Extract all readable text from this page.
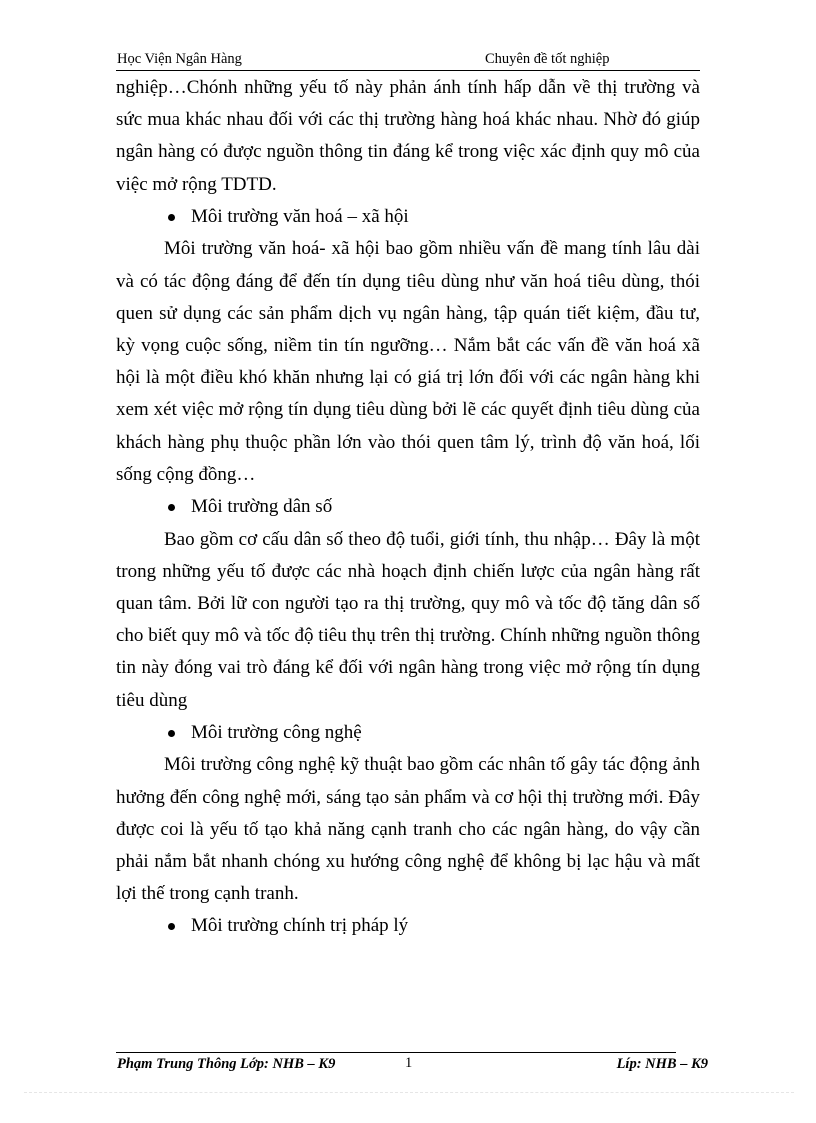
Học Viện Ngân Hàng	Chuyên đề tốt nghiệp

nghiệp…Chónh những yếu tố này phản ánh tính hấp dẫn về thị trường và sức mua khác nhau đối với các thị trường hàng hoá khác nhau. Nhờ đó giúp ngân hàng có được nguồn thông tin đáng kể trong việc xác định quy mô của việc mở rộng TDTD.

Môi trường văn hoá – xã hội

Môi trường văn hoá- xã hội bao gồm nhiều vấn đề mang tính lâu dài và có tác động đáng để đến tín dụng tiêu dùng như văn hoá tiêu dùng, thói quen sử dụng các sản phẩm dịch vụ ngân hàng, tập quán tiết kiệm, đầu tư, kỳ vọng cuộc sống, niềm tin tín ngưỡng… Nắm bắt các vấn đề văn hoá xã hội là một điều khó khăn nhưng lại có giá trị lớn đối với các ngân hàng khi xem xét việc mở rộng tín dụng tiêu dùng bởi lẽ các quyết định tiêu dùng của khách hàng phụ thuộc phần lớn vào thói quen tâm lý, trình độ văn hoá, lối sống cộng đồng…

Môi trường dân số

Bao gồm cơ cấu dân số theo độ tuổi, giới tính, thu nhập… Đây là một trong những yếu tố được các nhà hoạch định chiến lược của ngân hàng rất quan tâm. Bởi lữ con người tạo ra thị trường, quy mô và tốc độ tăng dân số cho biết quy mô và tốc độ tiêu thụ trên thị trường. Chính những nguồn thông tin này đóng vai trò đáng kể đối với ngân hàng trong việc mở rộng tín dụng tiêu dùng

Môi trường công nghệ

Môi trường công nghệ kỹ thuật bao gồm các nhân tố gây tác động ảnh hưởng đến công nghệ mới, sáng tạo sản phẩm và cơ hội thị trường mới. Đây được coi là yếu tố tạo khả năng cạnh tranh cho các ngân hàng, do vậy cần phải nắm bắt nhanh chóng xu hướng công nghệ để không bị lạc hậu và mất lợi thế trong cạnh tranh.

Môi trường chính trị pháp lý
Phạm Trung Thông Lớp: NHB – K9	1	Líp: NHB – K9
